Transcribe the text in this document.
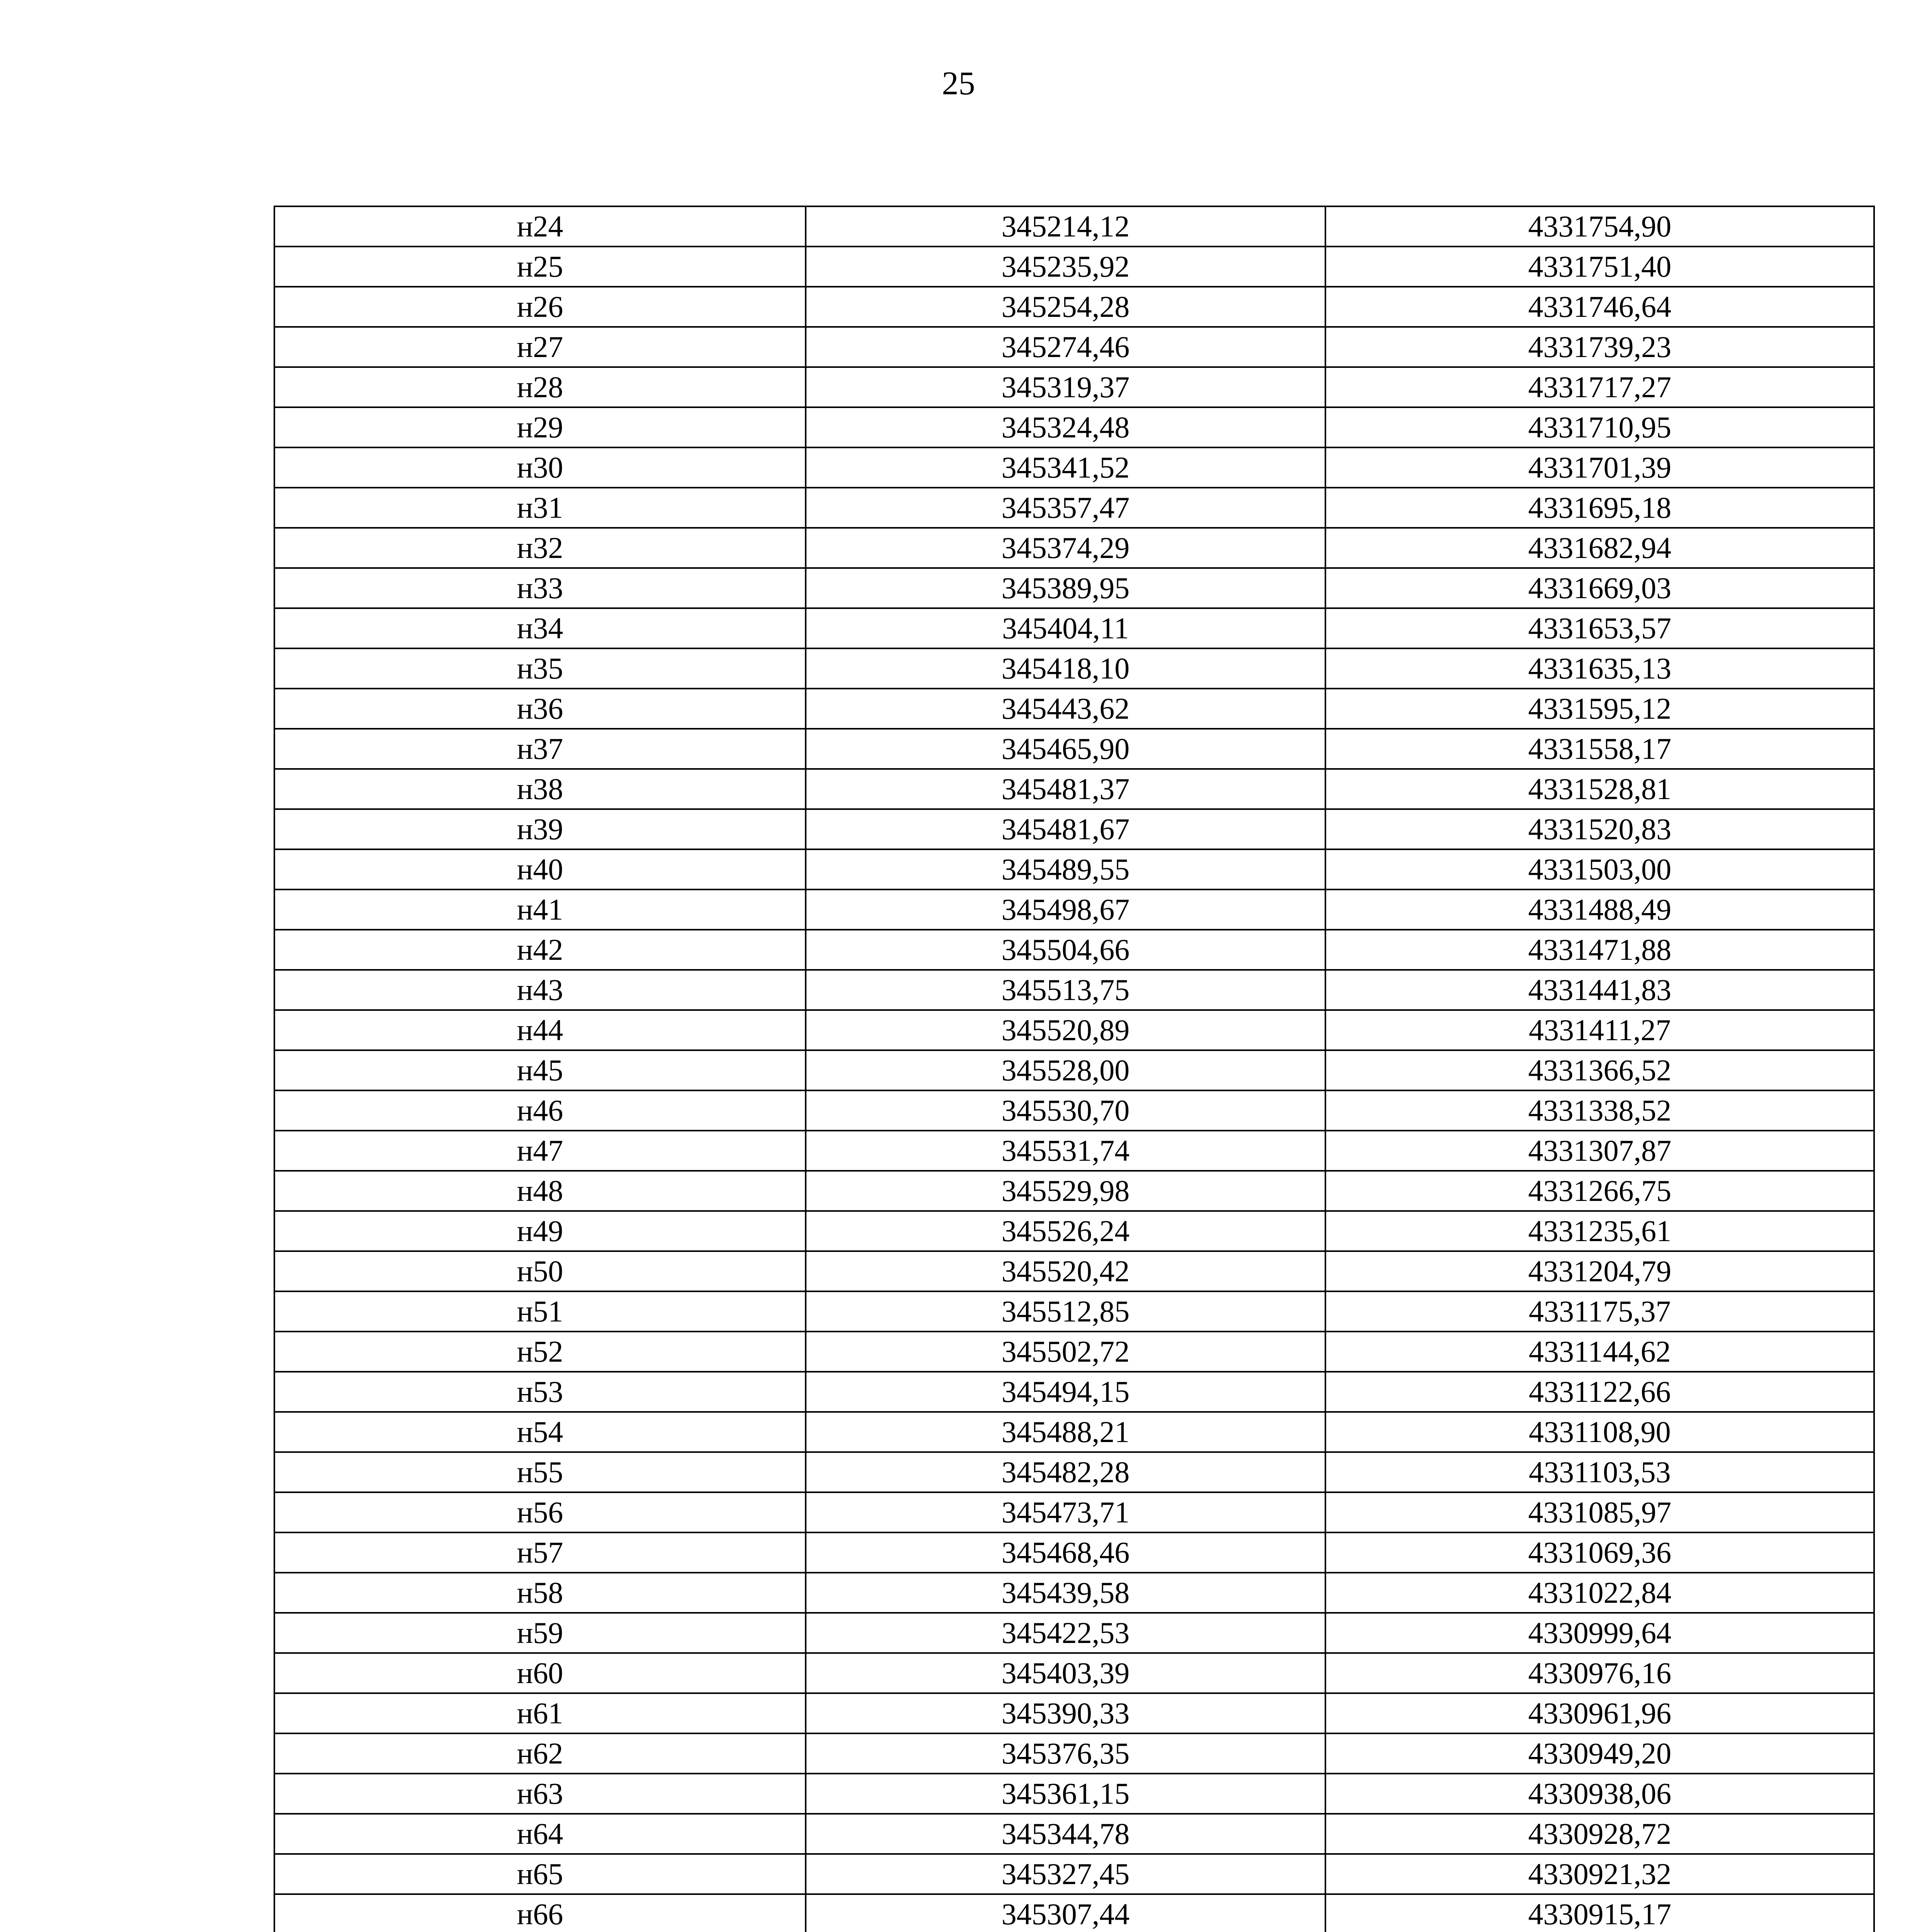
25
н24	345214,12	4331754,90
н25	345235,92	4331751,40
н26	345254,28	4331746,64
н27	345274,46	4331739,23
н28	345319,37	4331717,27
н29	345324,48	4331710,95
н30	345341,52	4331701,39
н31	345357,47	4331695,18
н32	345374,29	4331682,94
н33	345389,95	4331669,03
н34	345404,11	4331653,57
н35	345418,10	4331635,13
н36	345443,62	4331595,12
н37	345465,90	4331558,17
н38	345481,37	4331528,81
н39	345481,67	4331520,83
н40	345489,55	4331503,00
н41	345498,67	4331488,49
н42	345504,66	4331471,88
н43	345513,75	4331441,83
н44	345520,89	4331411,27
н45	345528,00	4331366,52
н46	345530,70	4331338,52
н47	345531,74	4331307,87
н48	345529,98	4331266,75
н49	345526,24	4331235,61
н50	345520,42	4331204,79
н51	345512,85	4331175,37
н52	345502,72	4331144,62
н53	345494,15	4331122,66
н54	345488,21	4331108,90
н55	345482,28	4331103,53
н56	345473,71	4331085,97
н57	345468,46	4331069,36
н58	345439,58	4331022,84
н59	345422,53	4330999,64
н60	345403,39	4330976,16
н61	345390,33	4330961,96
н62	345376,35	4330949,20
н63	345361,15	4330938,06
н64	345344,78	4330928,72
н65	345327,45	4330921,32
н66	345307,44	4330915,17
